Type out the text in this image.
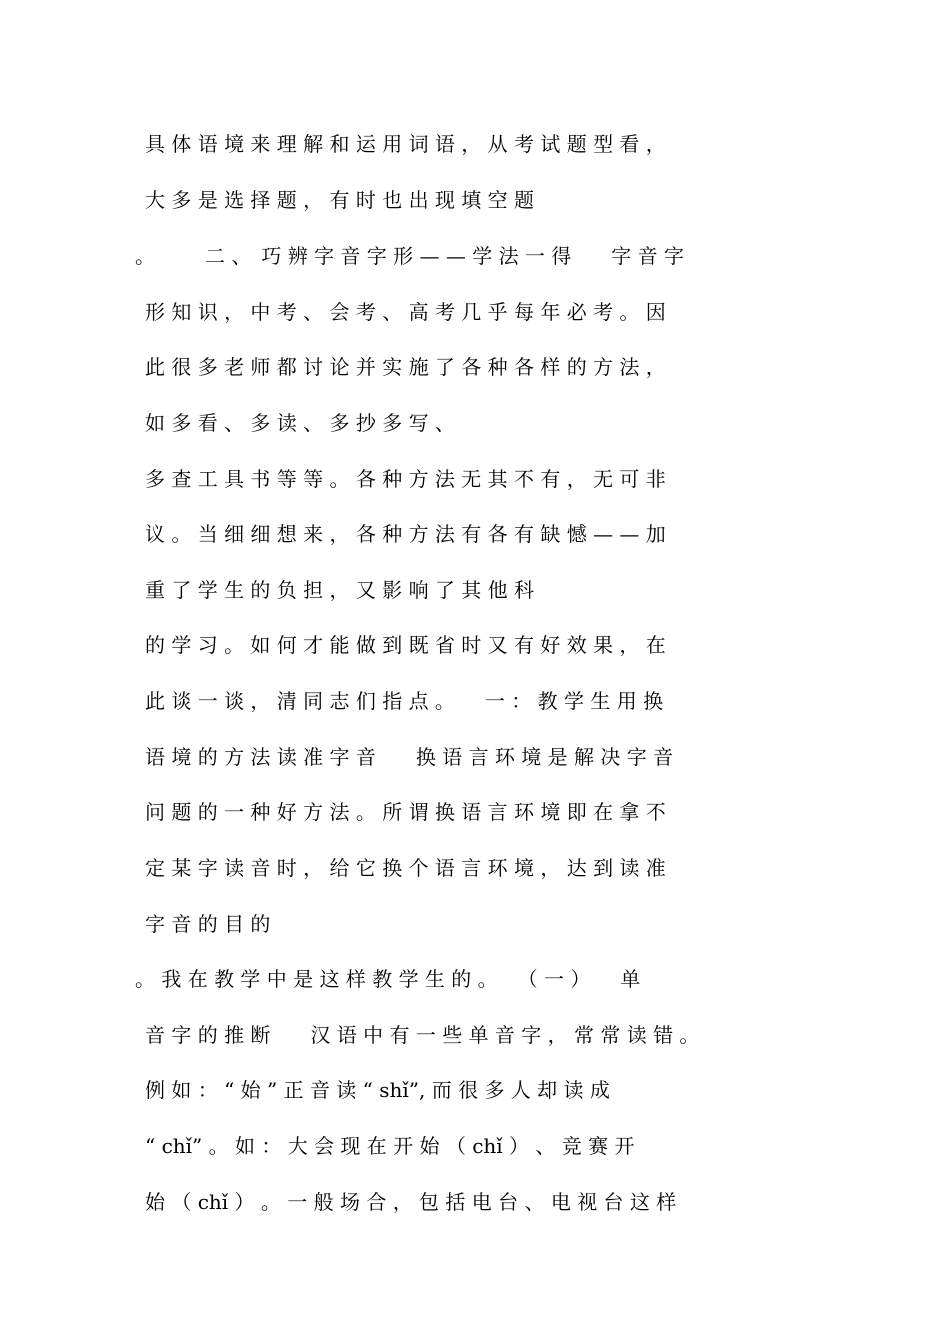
具 体 语 境 来 理 解 和 运 用 词 语 ， 从 考 试 题 型 看 ，
大 多 是 选 择 题 ， 有 时 也 出 现 填 空 题
。　　　二 、　巧 辨 字 音 字 形 — — 学 法 一 得　　字 音 字
形 知 识 ， 中 考 、 会 考 、 高 考 几 乎 每 年 必 考 。 因
此 很 多 老 师 都 讨 论 并 实 施 了 各 种 各 样 的 方 法 ，
如 多 看 、 多 读 、 多 抄 多 写 、
多 查 工 具 书 等 等 。 各 种 方 法 无 其 不 有 ， 无 可 非
议 。 当 细 细 想 来 ， 各 种 方 法 有 各 有 缺 憾 — — 加
重 了 学 生 的 负 担 ， 又 影 响 了 其 他 科
的 学 习 。 如 何 才 能 做 到 既 省 时 又 有 好 效 果 ， 在
此 谈 一 谈 ， 清 同 志 们 指 点 。　　一 ： 教 学 生 用 换
语 境 的 方 法 读 准 字 音　　换 语 言 环 境 是 解 决 字 音
问 题 的 一 种 好 方 法 。 所 谓 换 语 言 环 境 即 在 拿 不
定 某 字 读 音 时 ， 给 它 换 个 语 言 环 境 ， 达 到 读 准
字 音 的 目 的
。 我 在 教 学 中 是 这 样 教 学 生 的 。　　（ 一 ）　　单
音 字 的 推 断　　汉 语 中 有 一 些 单 音 字 ， 常 常 读 错 。
例 如 ： “ 始 ” 正 音 读 “ shǐ”, 而 很 多 人 却 读 成
“ chǐ” 。 如 ： 大 会 现 在 开 始 （ chǐ ） 、 竞 赛 开
始 （ chǐ ） 。 一 般 场 合 ， 包 括 电 台 、 电 视 台 这 样
